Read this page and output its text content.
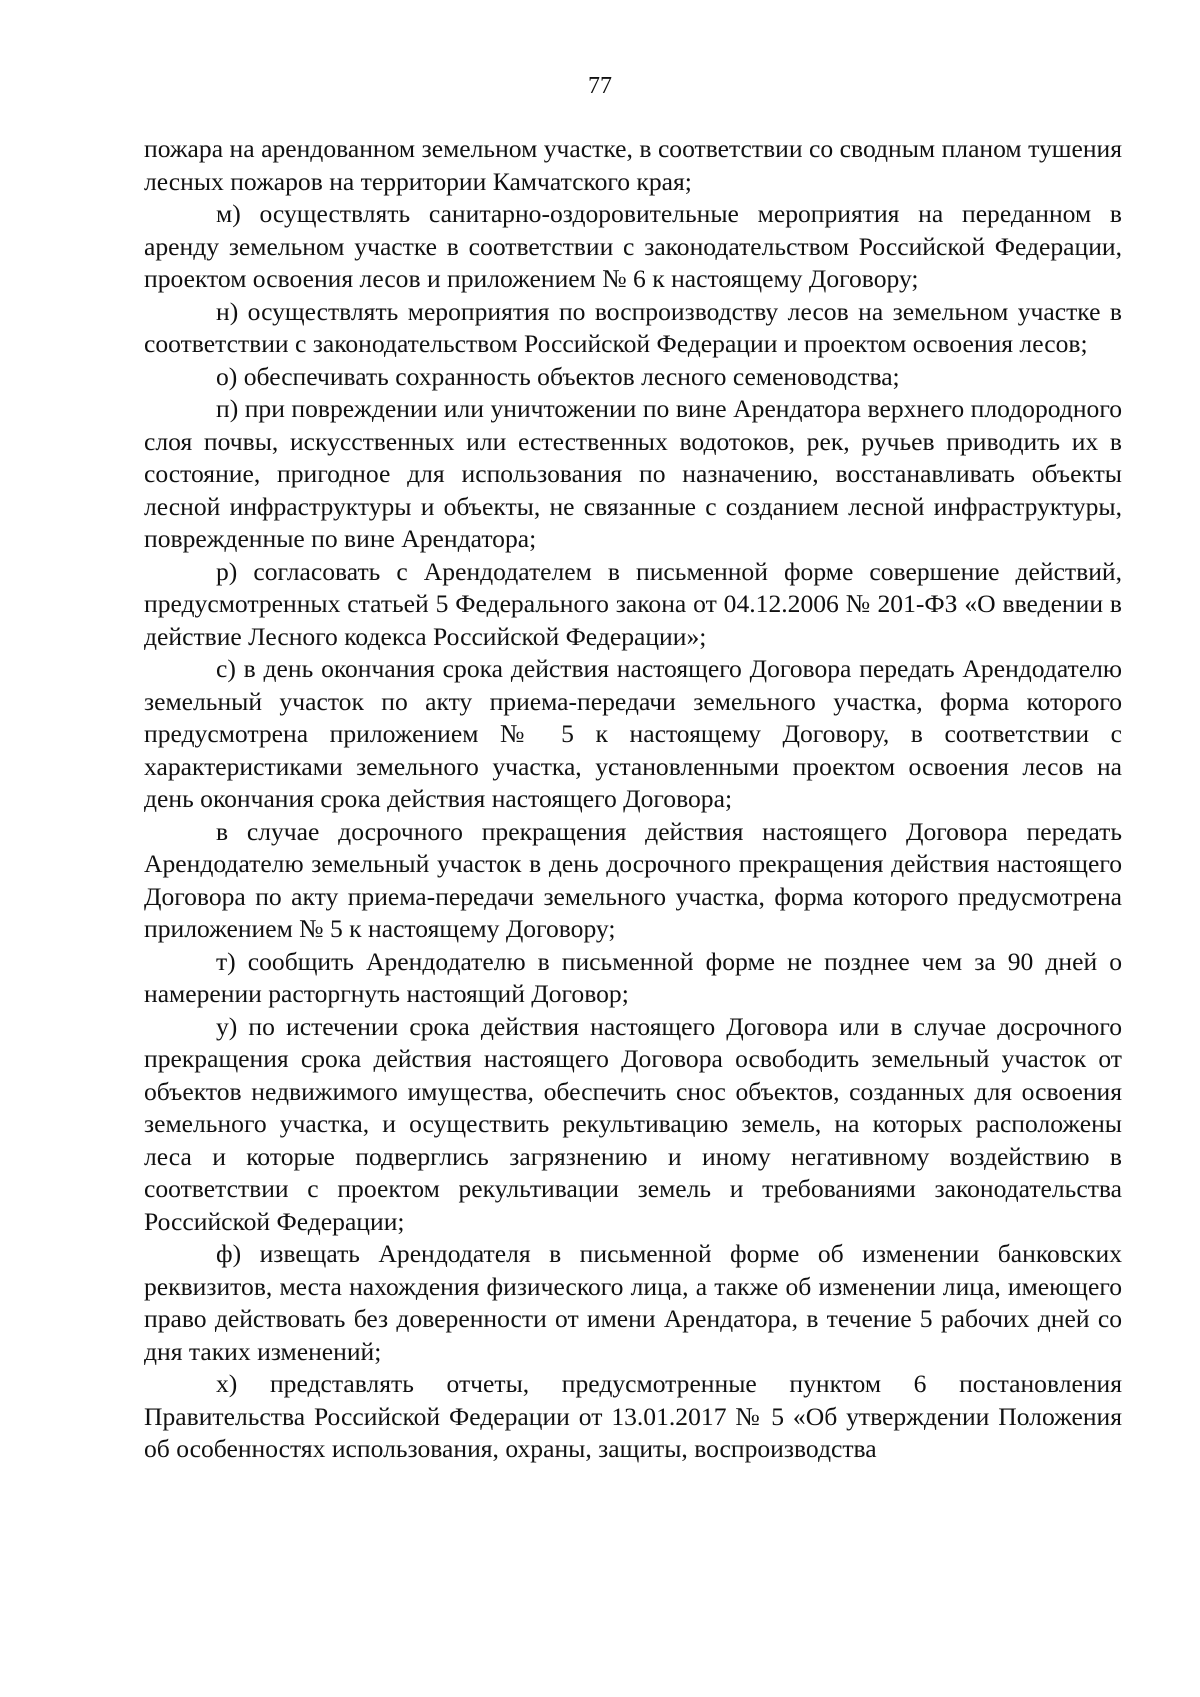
77

пожара на арендованном земельном участке, в соответствии со сводным планом тушения лесных пожаров на территории Камчатского края;

м) осуществлять санитарно-оздоровительные мероприятия на переданном в аренду земельном участке в соответствии с законодательством Российской Федерации, проектом освоения лесов и приложением № 6 к настоящему Договору;

н) осуществлять мероприятия по воспроизводству лесов на земельном участке в соответствии с законодательством Российской Федерации и проектом освоения лесов;

о) обеспечивать сохранность объектов лесного семеноводства;

п) при повреждении или уничтожении по вине Арендатора верхнего плодородного слоя почвы, искусственных или естественных водотоков, рек, ручьев приводить их в состояние, пригодное для использования по назначению, восстанавливать объекты лесной инфраструктуры и объекты, не связанные с созданием лесной инфраструктуры, поврежденные по вине Арендатора;

р) согласовать с Арендодателем в письменной форме совершение действий, предусмотренных статьей 5 Федерального закона от 04.12.2006 № 201-ФЗ «О введении в действие Лесного кодекса Российской Федерации»;

с) в день окончания срока действия настоящего Договора передать Арендодателю земельный участок по акту приема-передачи земельного участка, форма которого предусмотрена приложением № 5 к настоящему Договору, в соответствии с характеристиками земельного участка, установленными проектом освоения лесов на день окончания срока действия настоящего Договора;

в случае досрочного прекращения действия настоящего Договора передать Арендодателю земельный участок в день досрочного прекращения действия настоящего Договора по акту приема-передачи земельного участка, форма которого предусмотрена приложением № 5 к настоящему Договору;

т) сообщить Арендодателю в письменной форме не позднее чем за 90 дней о намерении расторгнуть настоящий Договор;

у) по истечении срока действия настоящего Договора или в случае досрочного прекращения срока действия настоящего Договора освободить земельный участок от объектов недвижимого имущества, обеспечить снос объектов, созданных для освоения земельного участка, и осуществить рекультивацию земель, на которых расположены леса и которые подверглись загрязнению и иному негативному воздействию в соответствии с проектом рекультивации земель и требованиями законодательства Российской Федерации;

ф) извещать Арендодателя в письменной форме об изменении банковских реквизитов, места нахождения физического лица, а также об изменении лица, имеющего право действовать без доверенности от имени Арендатора, в течение 5 рабочих дней со дня таких изменений;

х) представлять отчеты, предусмотренные пунктом 6 постановления Правительства Российской Федерации от 13.01.2017 № 5 «Об утверждении Положения об особенностях использования, охраны, защиты, воспроизводства
